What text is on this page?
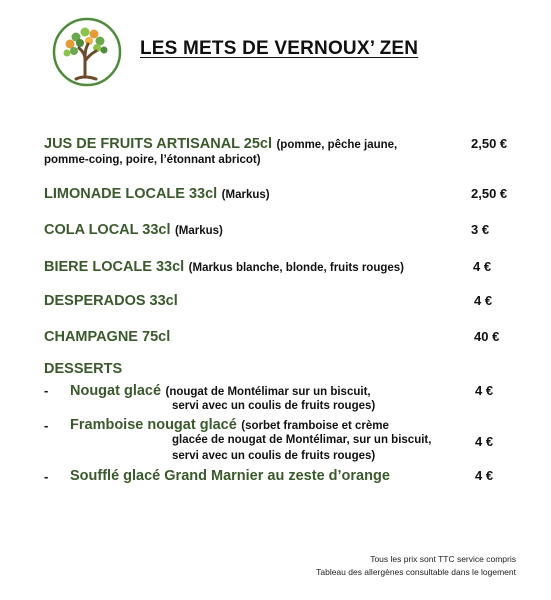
LES METS DE VERNOUX’ ZEN
JUS DE FRUITS ARTISANAL 25cl (pomme, pêche jaune,
pomme-coing, poire, l’étonnant abricot)
2,50 €
LIMONADE LOCALE 33cl (Markus)	2,50 €
COLA LOCAL 33cl (Markus)	3 €
BIERE LOCALE 33cl (Markus blanche, blonde, fruits rouges)	4 €
DESPERADOS 33cl	4 €
CHAMPAGNE 75cl	40 €
DESSERTS
- Nougat glacé (nougat de Montélimar sur un biscuit,
servi avec un coulis de fruits rouges)
4 €
- Framboise nougat glacé (sorbet framboise et crème
glacée de nougat de Montélimar, sur un biscuit,
servi avec un coulis de fruits rouges)
4 €
- Soufflé glacé Grand Marnier au zeste d’orange	4 €
Tous les prix sont TTC service compris
Tableau des allergènes consultable dans le logement
